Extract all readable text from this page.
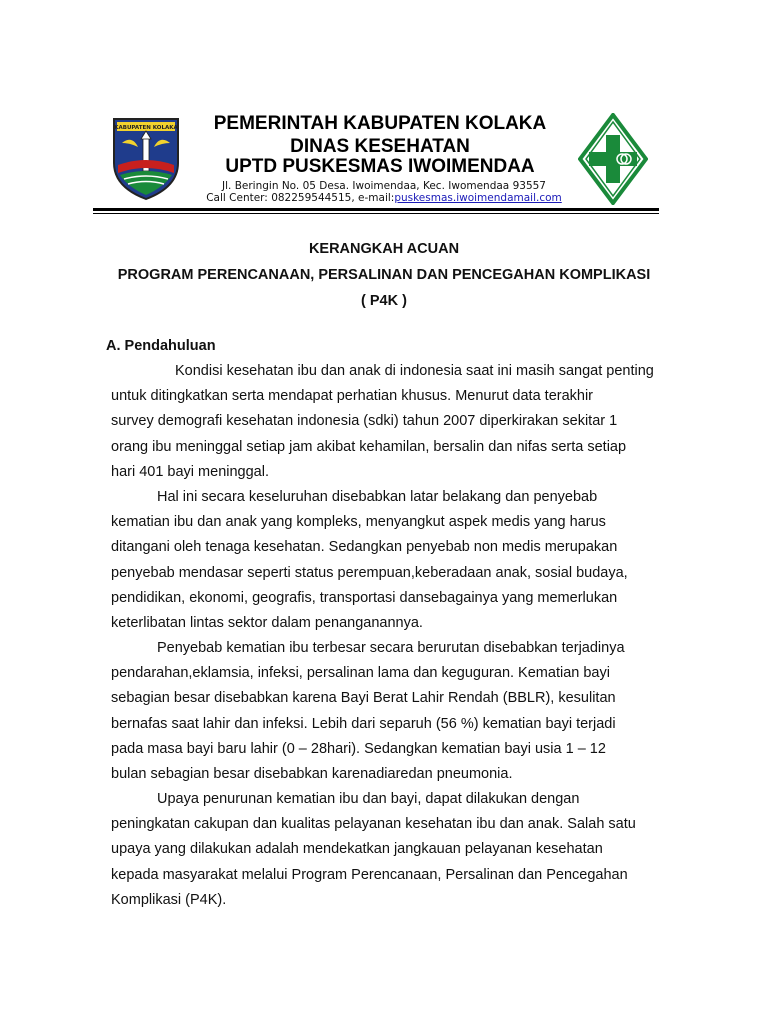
KABUPATEN KOLAKA	PEMERINTAH KABUPATEN KOLAKA
DINAS KESEHATAN
UPTD PUSKESMAS IWOIMENDAA
Jl. Beringin No. 05 Desa. Iwoimendaa, Kec. Iwomendaa 93557
Call Center: 082259544515, e-mail:puskesmas.iwoimendamail.com
KERANGKAH ACUAN
PROGRAM PERENCANAAN, PERSALINAN DAN PENCEGAHAN KOMPLIKASI
( P4K )
A. Pendahuluan
Kondisi kesehatan ibu dan anak di indonesia saat ini masih sangat penting
untuk ditingkatkan serta mendapat perhatian khusus. Menurut data terakhir
survey demografi kesehatan indonesia (sdki) tahun 2007 diperkirakan sekitar 1
orang ibu meninggal setiap jam akibat kehamilan, bersalin dan nifas serta setiap
hari 401 bayi meninggal.
Hal ini secara keseluruhan disebabkan latar belakang dan penyebab
kematian ibu dan anak yang kompleks, menyangkut aspek medis yang harus
ditangani oleh tenaga kesehatan. Sedangkan penyebab non medis merupakan
penyebab mendasar seperti status perempuan,keberadaan anak, sosial budaya,
pendidikan, ekonomi, geografis, transportasi dansebagainya yang memerlukan
keterlibatan lintas sektor dalam penanganannya.
Penyebab kematian ibu terbesar secara berurutan disebabkan terjadinya
pendarahan,eklamsia, infeksi, persalinan lama dan keguguran. Kematian bayi
sebagian besar disebabkan karena Bayi Berat Lahir Rendah (BBLR), kesulitan
bernafas saat lahir dan infeksi. Lebih dari separuh (56 %) kematian bayi terjadi
pada masa bayi baru lahir (0 – 28hari). Sedangkan kematian bayi usia 1 – 12
bulan sebagian besar disebabkan karenadiaredan pneumonia.
Upaya penurunan kematian ibu dan bayi, dapat dilakukan dengan
peningkatan cakupan dan kualitas pelayanan kesehatan ibu dan anak. Salah satu
upaya yang dilakukan adalah mendekatkan jangkauan pelayanan kesehatan
kepada masyarakat melalui Program Perencanaan, Persalinan dan Pencegahan
Komplikasi (P4K).
